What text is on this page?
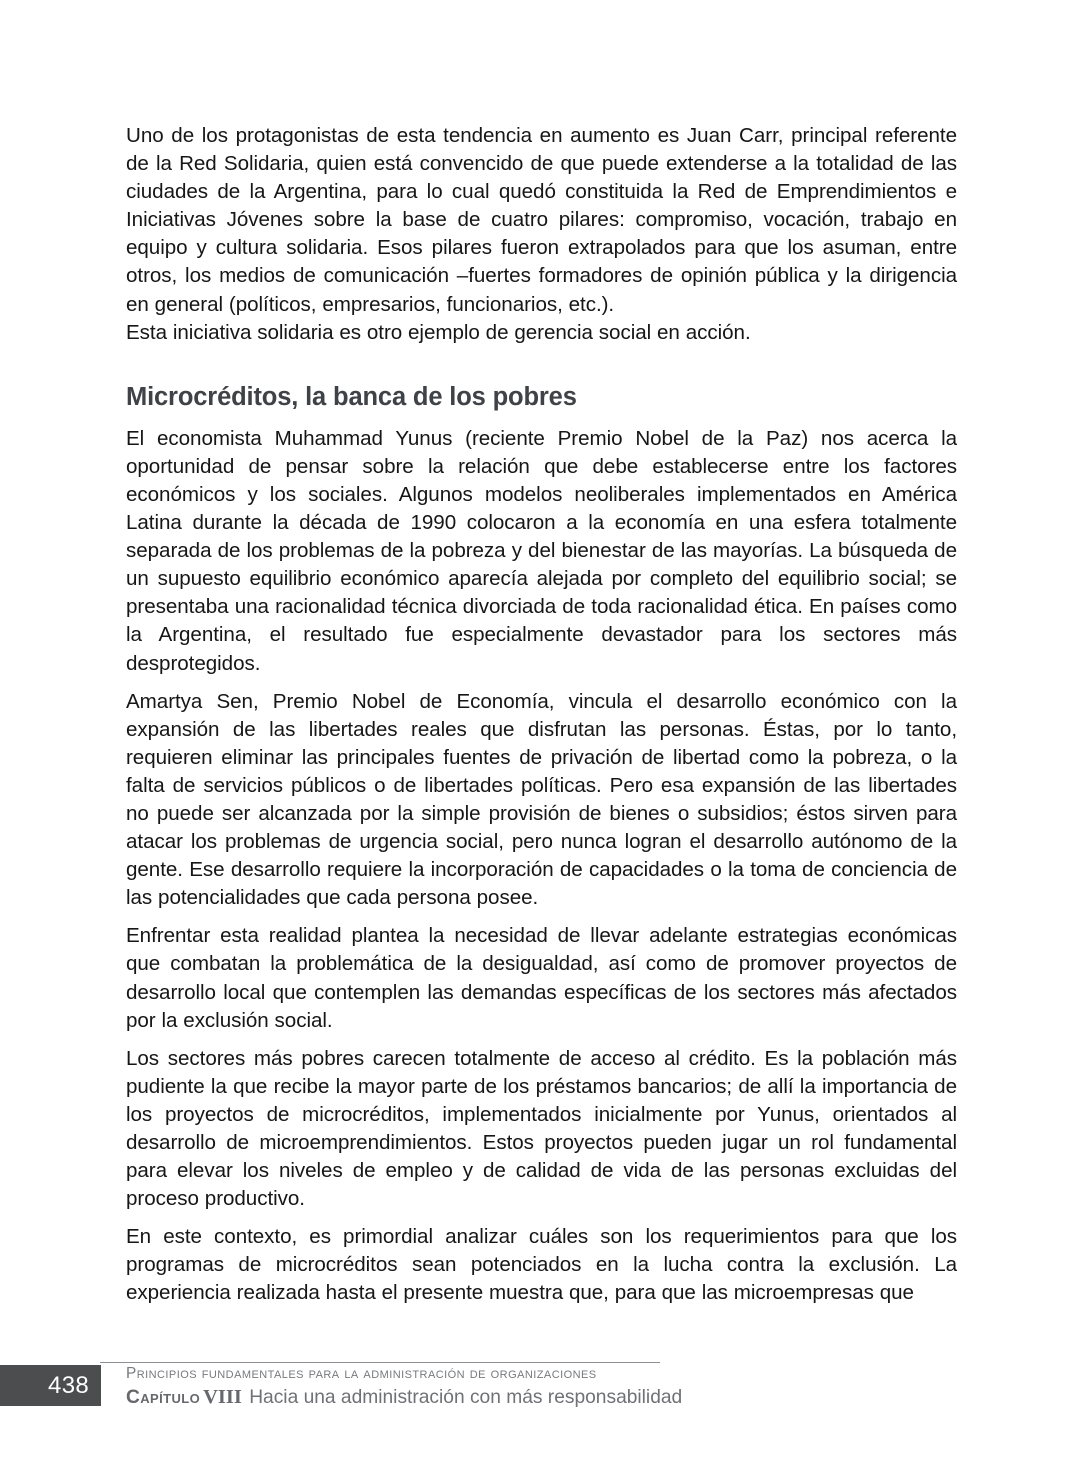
Uno de los protagonistas de esta tendencia en aumento es Juan Carr, principal referente de la Red Solidaria, quien está convencido de que puede extenderse a la totalidad de las ciudades de la Argentina, para lo cual quedó constituida la Red de Emprendimientos e Iniciativas Jóvenes sobre la base de cuatro pilares: compromiso, vocación, trabajo en equipo y cultura solidaria. Esos pilares fueron extrapolados para que los asuman, entre otros, los medios de comunicación –fuertes formadores de opinión pública y la dirigencia en general (políticos, empresarios, funcionarios, etc.).

Esta iniciativa solidaria es otro ejemplo de gerencia social en acción.

Microcréditos, la banca de los pobres

El economista Muhammad Yunus (reciente Premio Nobel de la Paz) nos acerca la oportunidad de pensar sobre la relación que debe establecerse entre los factores económicos y los sociales. Algunos modelos neoliberales implementados en América Latina durante la década de 1990 colocaron a la economía en una esfera totalmente separada de los problemas de la pobreza y del bienestar de las mayorías. La búsqueda de un supuesto equilibrio económico aparecía alejada por completo del equilibrio social; se presentaba una racionalidad técnica divorciada de toda racionalidad ética. En países como la Argentina, el resultado fue especialmente devastador para los sectores más desprotegidos.

Amartya Sen, Premio Nobel de Economía, vincula el desarrollo económico con la expansión de las libertades reales que disfrutan las personas. Éstas, por lo tanto, requieren eliminar las principales fuentes de privación de libertad como la pobreza, o la falta de servicios públicos o de libertades políticas. Pero esa expansión de las libertades no puede ser alcanzada por la simple provisión de bienes o subsidios; éstos sirven para atacar los problemas de urgencia social, pero nunca logran el desarrollo autónomo de la gente. Ese desarrollo requiere la incorporación de capacidades o la toma de conciencia de las potencialidades que cada persona posee.

Enfrentar esta realidad plantea la necesidad de llevar adelante estrategias económicas que combatan la problemática de la desigualdad, así como de promover proyectos de desarrollo local que contemplen las demandas específicas de los sectores más afectados por la exclusión social.

Los sectores más pobres carecen totalmente de acceso al crédito. Es la población más pudiente la que recibe la mayor parte de los préstamos bancarios; de allí la importancia de los proyectos de microcréditos, implementados inicialmente por Yunus, orientados al desarrollo de microemprendimientos. Estos proyectos pueden jugar un rol fundamental para elevar los niveles de empleo y de calidad de vida de las personas excluidas del proceso productivo.

En este contexto, es primordial analizar cuáles son los requerimientos para que los programas de microcréditos sean potenciados en la lucha contra la exclusión. La experiencia realizada hasta el presente muestra que, para que las microempresas que

438 Principios fundamentales para la administración de organizaciones
Capítulo VIII Hacia una administración con más responsabilidad
